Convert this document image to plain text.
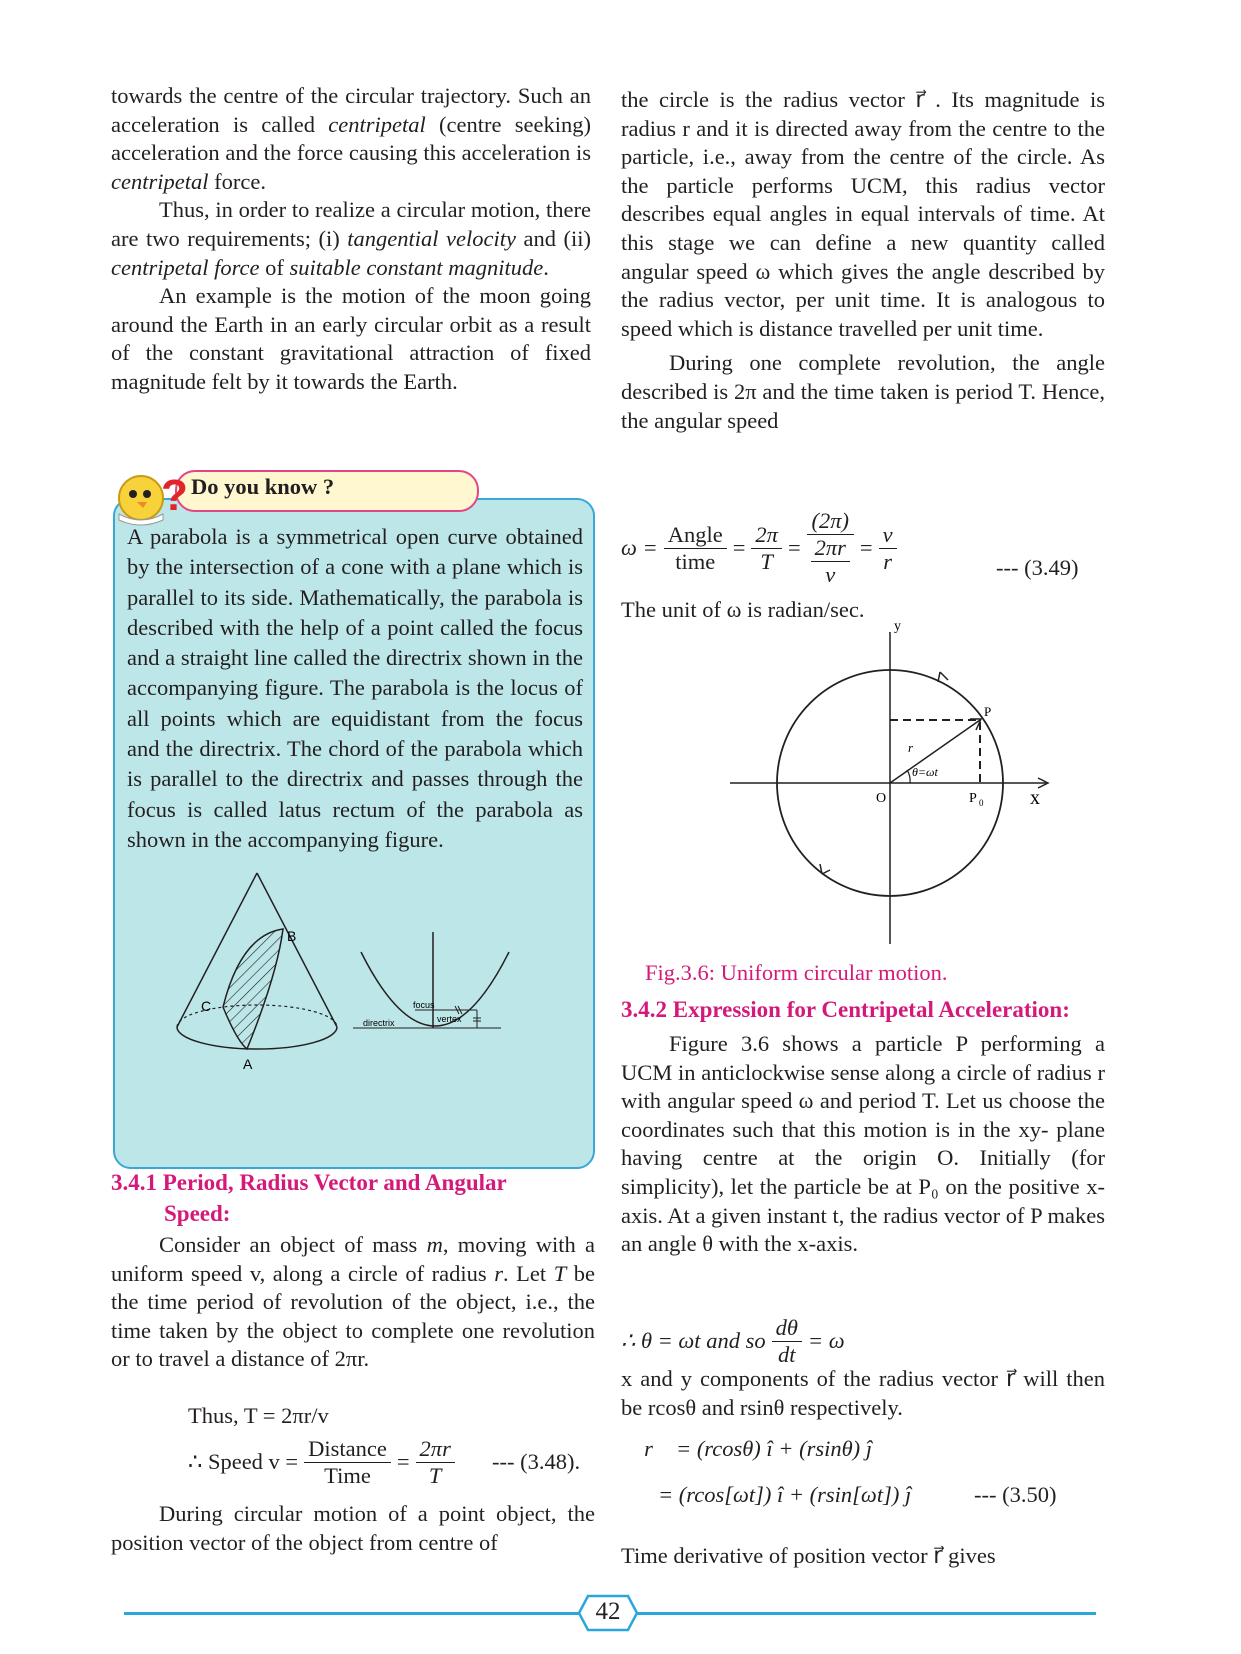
towards the centre of the circular trajectory. Such an acceleration is called centripetal (centre seeking) acceleration and the force causing this acceleration is centripetal force.

Thus, in order to realize a circular motion, there are two requirements; (i) tangential velocity and (ii) centripetal force of suitable constant magnitude.

An example is the motion of the moon going around the Earth in an early circular orbit as a result of the constant gravitational attraction of fixed magnitude felt by it towards the Earth.

? Do you know ?
A parabola is a symmetrical open curve obtained by the intersection of a cone with a plane which is parallel to its side. Mathematically, the parabola is described with the help of a point called the focus and a straight line called the directrix shown in the accompanying figure. The parabola is the locus of all points which are equidistant from the focus and the directrix. The chord of the parabola which is parallel to the directrix and passes through the focus is called latus rectum of the parabola as shown in the accompanying figure.
B
C
A
focus
vertex
directrix
3.4.1 Period, Radius Vector and Angular
Speed:

Consider an object of mass m, moving with a uniform speed v, along a circle of radius r. Let T be the time period of revolution of the object, i.e., the time taken by the object to complete one revolution or to travel a distance of 2πr.

Thus, T = 2πr/v
∴ Speed $v = \frac{\text{Distance}}{\text{Time}} = \frac{2\pi r}{T}$ --- (3.48).

During circular motion of a point object, the position vector of the object from centre of

the circle is the radius vector r⃗ . Its magnitude is radius r and it is directed away from the centre to the particle, i.e., away from the centre of the circle. As the particle performs UCM, this radius vector describes equal angles in equal intervals of time. At this stage we can define a new quantity called angular speed ω which gives the angle described by the radius vector, per unit time. It is analogous to speed which is distance travelled per unit time.

During one complete revolution, the angle described is 2π and the time taken is period T. Hence, the angular speed

$\omega = \frac{\text{Angle}}{\text{time}} = \frac{2\pi}{T} = \frac{(2\pi)}{\frac{2\pi r}{v}} = \frac{v}{r}$	--- (3.49)
The unit of ω is radian/sec.
y
x
O
P
P 0
θ=ωt
r⃗
Fig.3.6: Uniform circular motion.
3.4.2 Expression for Centripetal Acceleration:

Figure 3.6 shows a particle P performing a UCM in anticlockwise sense along a circle of radius r with angular speed ω and period T. Let us choose the coordinates such that this motion is in the xy- plane having centre at the origin O. Initially (for simplicity), let the particle be at P₀ on the positive x-axis. At a given instant t, the radius vector of P makes an angle θ with the x-axis.

∴ θ = ωt and so $\frac{d\theta}{dt} = \omega$

x and y components of the radius vector r⃗ will then be rcosθ and rsinθ respectively.

∴ r⃗ = (rcosθ) î + (rsinθ) ĵ
= (rcos[ωt]) î + (rsin[ωt]) ĵ	--- (3.50)

Time derivative of position vector r⃗ gives

42
